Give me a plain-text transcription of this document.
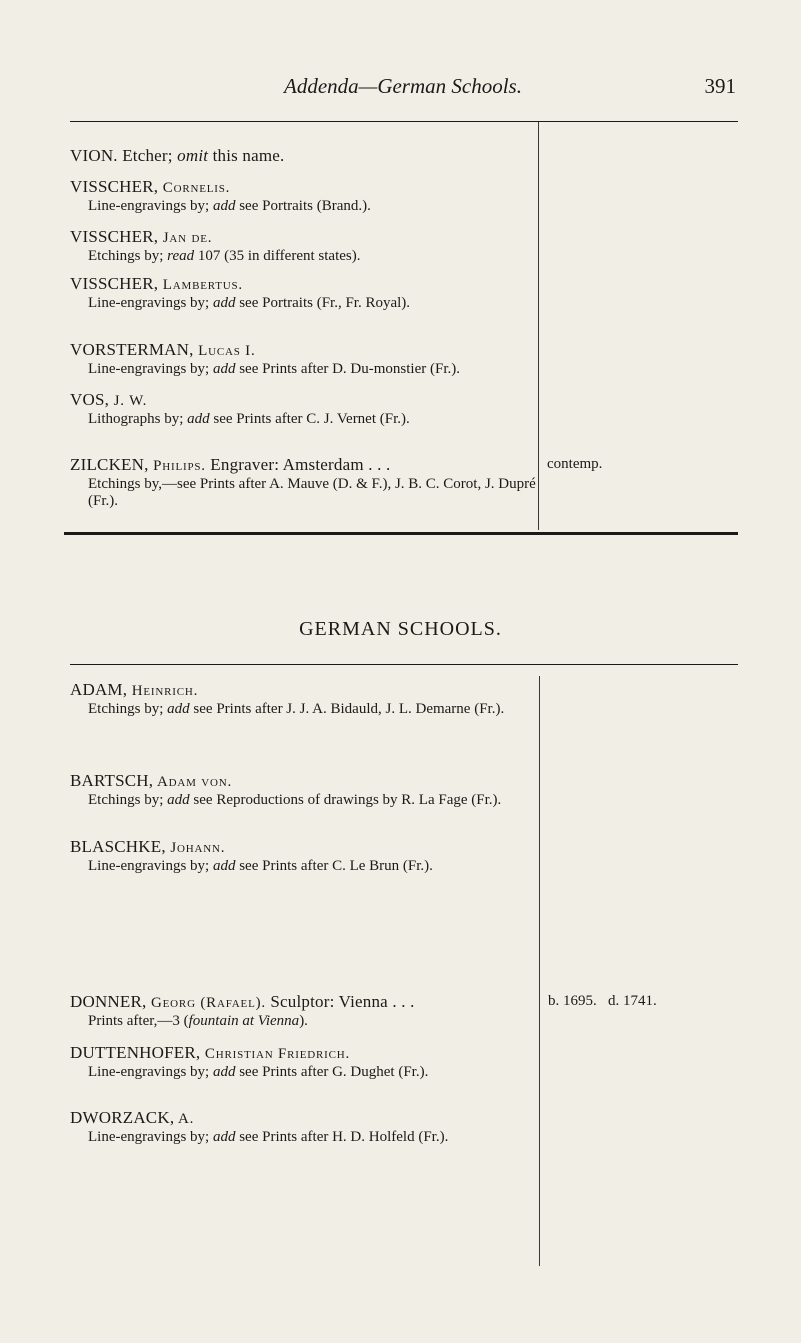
Addenda—German Schools.	391
VION. Etcher; omit this name.
VISSCHER, Cornelis.
Line-engravings by; add see Portraits (Brand.).
VISSCHER, Jan de.
Etchings by; read 107 (35 in different states).
VISSCHER, Lambertus.
Line-engravings by; add see Portraits (Fr., Fr. Royal).
VORSTERMAN, Lucas I.
Line-engravings by; add see Prints after D. Du-monstier (Fr.).
VOS, J. W.
Lithographs by; add see Prints after C. J. Vernet (Fr.).
ZILCKEN, Philips. Engraver: Amsterdam . . .
Etchings by,—see Prints after A. Mauve (D. & F.), J. B. C. Corot, J. Dupré (Fr.).
contemp.
GERMAN SCHOOLS.
ADAM, Heinrich.
Etchings by; add see Prints after J. J. A. Bidauld, J. L. Demarne (Fr.).
BARTSCH, Adam von.
Etchings by; add see Reproductions of drawings by R. La Fage (Fr.).
BLASCHKE, Johann.
Line-engravings by; add see Prints after C. Le Brun (Fr.).
DONNER, Georg (Rafael). Sculptor: Vienna . . .
Prints after,—3 (fountain at Vienna).
DUTTENHOFER, Christian Friedrich.
Line-engravings by; add see Prints after G. Dughet (Fr.).
DWORZACK, A.
Line-engravings by; add see Prints after H. D. Holfeld (Fr.).
b. 1695.   d. 1741.
